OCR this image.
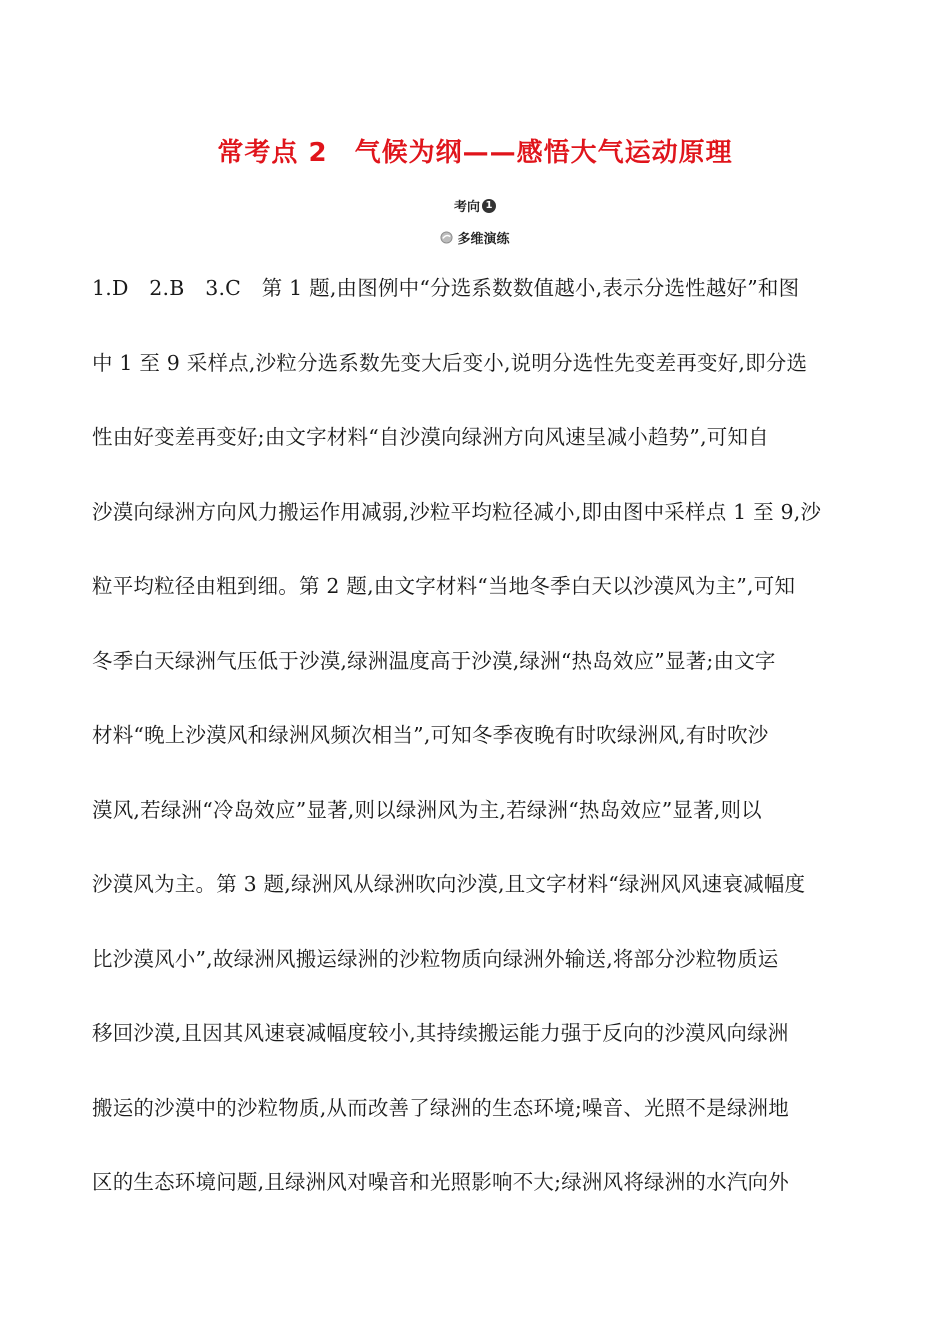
常考点 2　气候为纲——感悟大气运动原理
考向 1
多维演练
1.D　2.B　3.C　第 1 题,由图例中“分选系数数值越小,表示分选性越好”和图
中 1 至 9 采样点,沙粒分选系数先变大后变小,说明分选性先变差再变好,即分选
性由好变差再变好;由文字材料“自沙漠向绿洲方向风速呈减小趋势”,可知自
沙漠向绿洲方向风力搬运作用减弱,沙粒平均粒径减小,即由图中采样点 1 至 9,沙
粒平均粒径由粗到细。第 2 题,由文字材料“当地冬季白天以沙漠风为主”,可知
冬季白天绿洲气压低于沙漠,绿洲温度高于沙漠,绿洲“热岛效应”显著;由文字
材料“晚上沙漠风和绿洲风频次相当”,可知冬季夜晚有时吹绿洲风,有时吹沙
漠风,若绿洲“冷岛效应”显著,则以绿洲风为主,若绿洲“热岛效应”显著,则以
沙漠风为主。第 3 题,绿洲风从绿洲吹向沙漠,且文字材料“绿洲风风速衰减幅度
比沙漠风小”,故绿洲风搬运绿洲的沙粒物质向绿洲外输送,将部分沙粒物质运
移回沙漠,且因其风速衰减幅度较小,其持续搬运能力强于反向的沙漠风向绿洲
搬运的沙漠中的沙粒物质,从而改善了绿洲的生态环境;噪音、光照不是绿洲地
区的生态环境问题,且绿洲风对噪音和光照影响不大;绿洲风将绿洲的水汽向外
